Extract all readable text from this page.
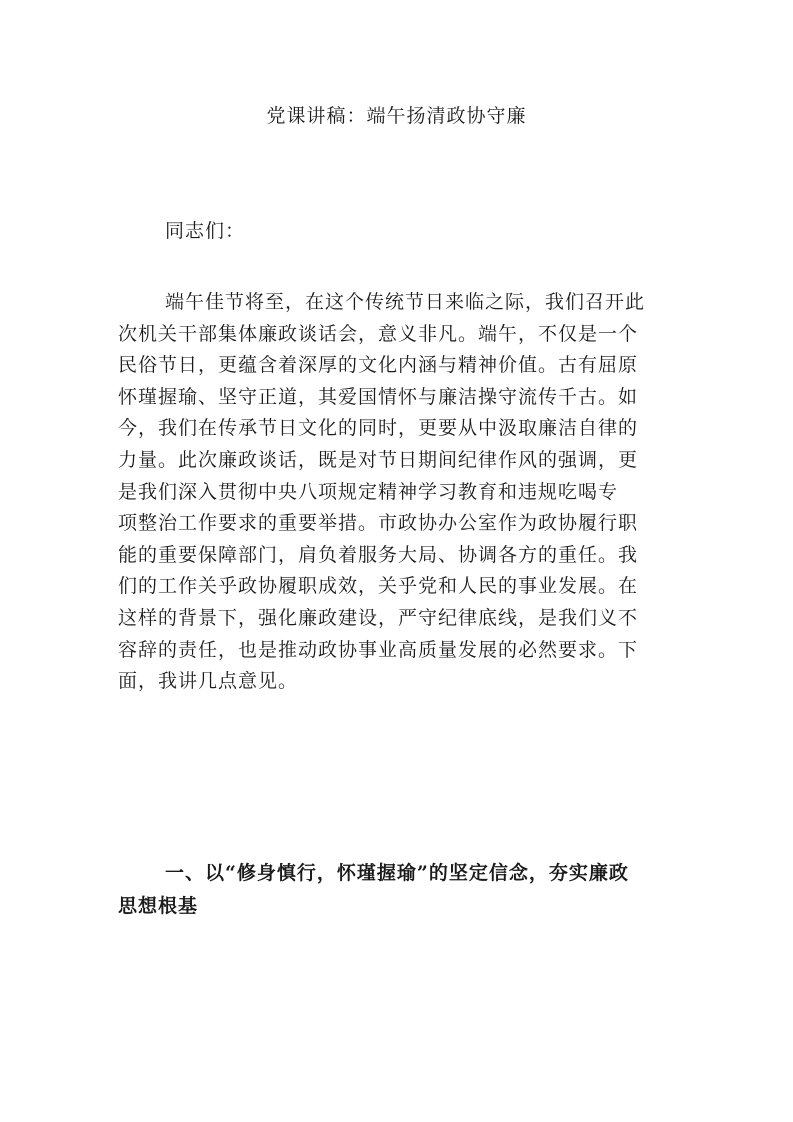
党课讲稿：端午扬清政协守廉
同志们：
端午佳节将至，在这个传统节日来临之际，我们召开此
次机关干部集体廉政谈话会，意义非凡。端午，不仅是一个
民俗节日，更蕴含着深厚的文化内涵与精神价值。古有屈原
怀瑾握瑜、坚守正道，其爱国情怀与廉洁操守流传千古。如
今，我们在传承节日文化的同时，更要从中汲取廉洁自律的
力量。此次廉政谈话，既是对节日期间纪律作风的强调，更
是我们深入贯彻中央八项规定精神学习教育和违规吃喝专
项整治工作要求的重要举措。市政协办公室作为政协履行职
能的重要保障部门，肩负着服务大局、协调各方的重任。我
们的工作关乎政协履职成效，关乎党和人民的事业发展。在
这样的背景下，强化廉政建设，严守纪律底线，是我们义不
容辞的责任，也是推动政协事业高质量发展的必然要求。下
面，我讲几点意见。
一、以“修身慎行，怀瑾握瑜”的坚定信念，夯实廉政
思想根基
